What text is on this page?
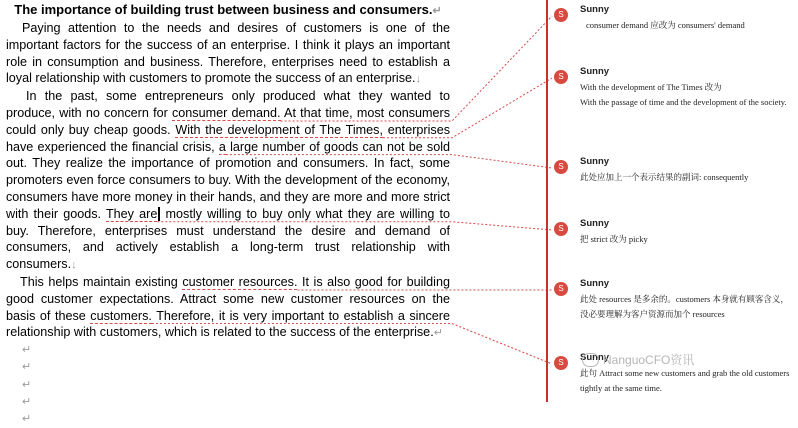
The importance of building trust between business and consumers.↵

Paying attention to the needs and desires of customers is one of the important factors for the success of an enterprise. I think it plays an important role in consumption and business. Therefore, enterprises need to establish a loyal relationship with customers to promote the success of an enterprise.↓

In the past, some entrepreneurs only produced what they wanted to produce, with no concern for consumer demand. At that time, most consumers could only buy cheap goods. With the development of The Times, enterprises have experienced the financial crisis, a large number of goods can not be sold out. They realize the importance of promotion and consumers. In fact, some promoters even force consumers to buy. With the development of the economy, consumers have more money in their hands, and they are more and more strict with their goods. They are mostly willing to buy only what they are willing to buy. Therefore, enterprises must understand the desire and demand of consumers, and actively establish a long-term trust relationship with consumers.↓

This helps maintain existing customer resources. It is also good for building good customer expectations. Attract some new customer resources on the basis of these customers. Therefore, it is very important to establish a sincere relationship with customers, which is related to the success of the enterprise.↵

↵
↵
↵
↵
↵
S	Sunny
consumer demand 应改为 consumers' demand
S	Sunny
With the development of The Times 改为
With the passage of time and the development of the society.
S	Sunny
此处应加上一个表示结果的副词: consequently
S	Sunny
把 strict 改为 picky
S	Sunny
此处 resources 是多余的。customers 本身就有顾客含义，没必要理解为客户资源而加个 resources
S	Sunny
此句 Attract some new customers and grab the old customers tightly at the same time.
NanguoCFO资讯
